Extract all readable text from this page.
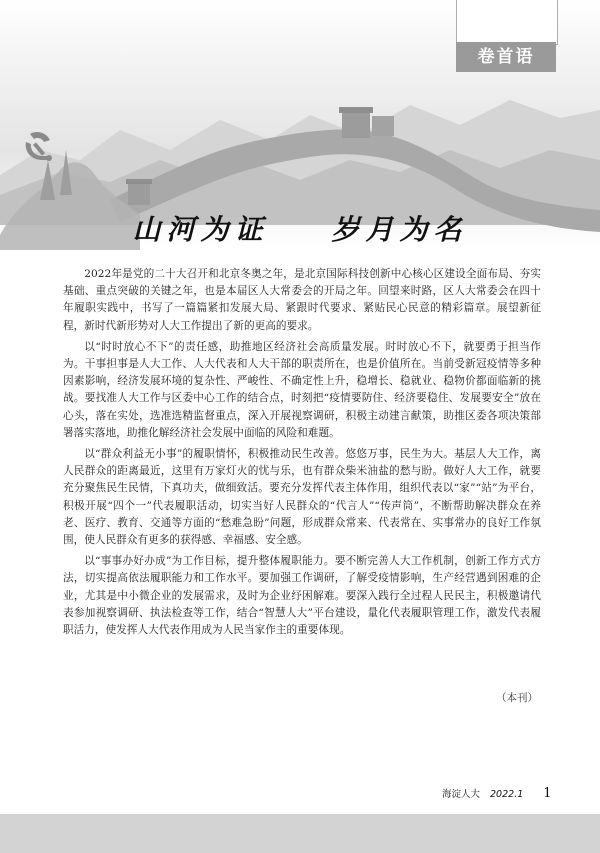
卷首语
山河为证    岁月为名

2022年是党的二十大召开和北京冬奥之年，是北京国际科技创新中心核心区建设全面布局、夯实基础、重点突破的关键之年，也是本届区人大常委会的开局之年。回望来时路，区人大常委会在四十年履职实践中，书写了一篇篇紧扣发展大局、紧跟时代要求、紧贴民心民意的精彩篇章。展望新征程，新时代新形势对人大工作提出了新的更高的要求。

以“时时放心不下”的责任感，助推地区经济社会高质量发展。时时放心不下，就要勇于担当作为。干事担事是人大工作、人大代表和人大干部的职责所在，也是价值所在。当前受新冠疫情等多种因素影响，经济发展环境的复杂性、严峻性、不确定性上升，稳增长、稳就业、稳物价都面临新的挑战。要找准人大工作与区委中心工作的结合点，时刻把“疫情要防住、经济要稳住、发展要安全”放在心头，落在实处，选准选精监督重点，深入开展视察调研，积极主动建言献策，助推区委各项决策部署落实落地，助推化解经济社会发展中面临的风险和难题。

以“群众利益无小事”的履职情怀，积极推动民生改善。悠悠万事，民生为大。基层人大工作，离人民群众的距离最近，这里有万家灯火的忧与乐，也有群众柴米油盐的愁与盼。做好人大工作，就要充分聚焦民生民情，下真功夫，做细致活。要充分发挥代表主体作用，组织代表以“家”“站”为平台，积极开展“四个一”代表履职活动，切实当好人民群众的“代言人”“传声筒”，不断帮助解决群众在养老、医疗、教育、交通等方面的“愁难急盼”问题，形成群众常来、代表常在、实事常办的良好工作氛围，使人民群众有更多的获得感、幸福感、安全感。

以“事事办好办成”为工作目标，提升整体履职能力。要不断完善人大工作机制，创新工作方式方法，切实提高依法履职能力和工作水平。要加强工作调研，了解受疫情影响，生产经营遇到困难的企业，尤其是中小微企业的发展需求，及时为企业纾困解难。要深入践行全过程人民民主，积极邀请代表参加视察调研、执法检查等工作，结合“智慧人大”平台建设，量化代表履职管理工作，激发代表履职活力，使发挥人大代表作用成为人民当家作主的重要体现。

（本刊）
海淀人大 2022.1 1
